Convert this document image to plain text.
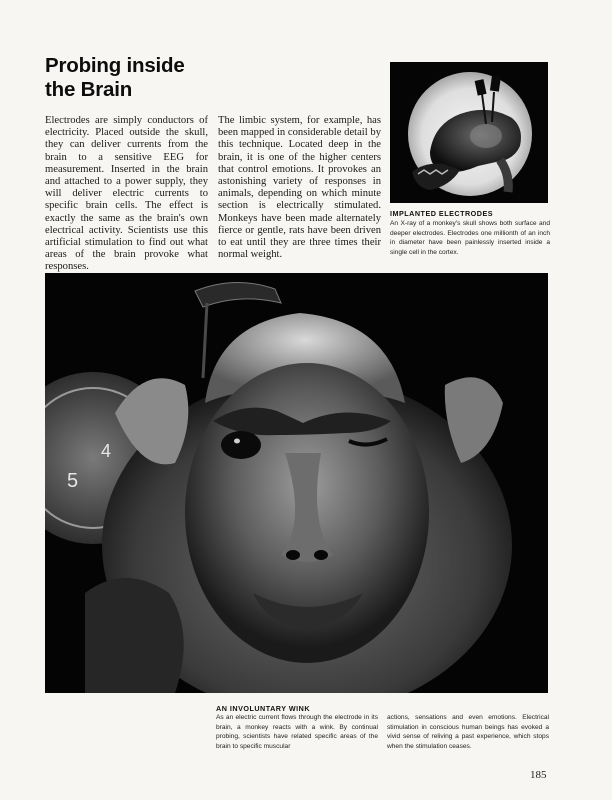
Probing inside
the Brain

Electrodes are simply conductors of electricity. Placed outside the skull, they can deliver currents from the brain to a sensitive EEG for measurement. Inserted in the brain and attached to a power supply, they will deliver electric currents to specific brain cells. The effect is exactly the same as the brain's own electrical activity. Scientists use this artificial stimulation to find out what areas of the brain provoke what responses.

The limbic system, for example, has been mapped in considerable detail by this technique. Located deep in the brain, it is one of the higher centers that control emotions. It provokes an astonishing variety of responses in animals, depending on which minute section is electrically stimulated. Monkeys have been made alternately fierce or gentle, rats have been driven to eat until they are three times their normal weight.

IMPLANTED ELECTRODES

An X-ray of a monkey's skull shows both surface and deeper electrodes. Electrodes one millionth of an inch in diameter have been painlessly inserted inside a single cell in the cortex.

4
5

AN INVOLUNTARY WINK

As an electric current flows through the electrode in its brain, a monkey reacts with a wink. By continual probing, scientists have related specific areas of the brain to specific muscular

actions, sensations and even emotions. Electrical stimulation in conscious human beings has evoked a vivid sense of reliving a past experience, which stops when the stimulation ceases.

185
